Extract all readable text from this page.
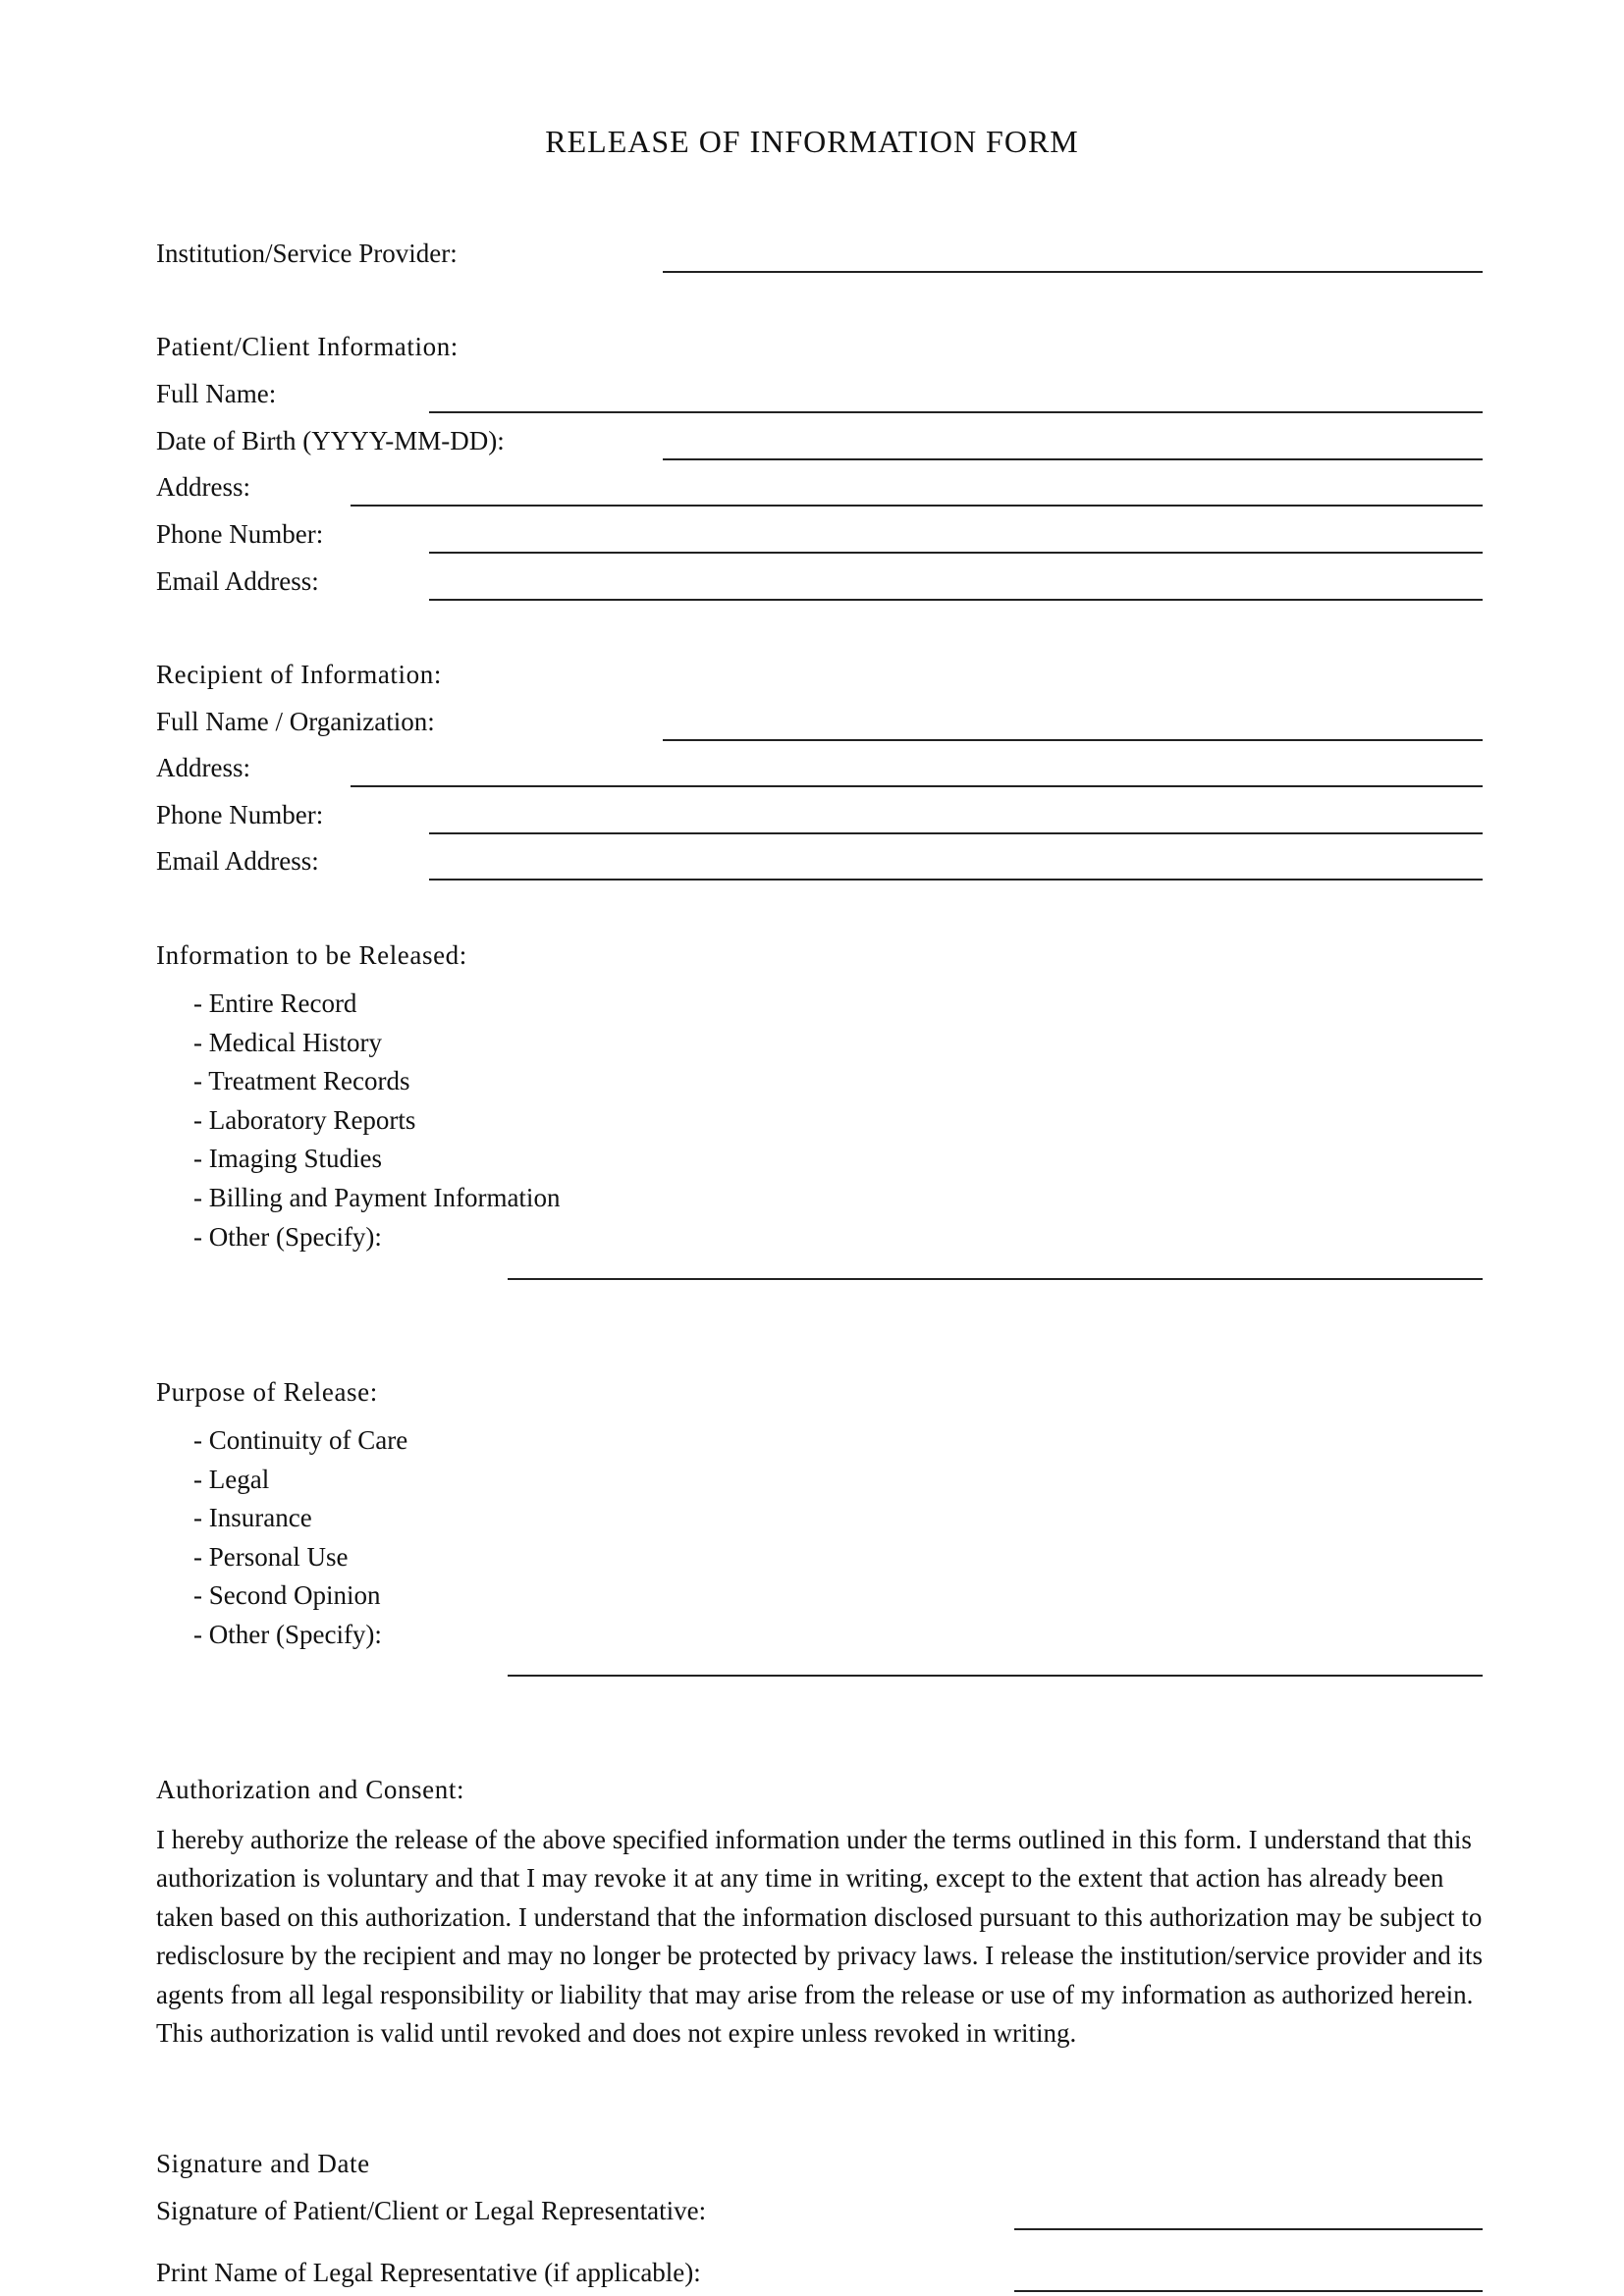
RELEASE OF INFORMATION FORM
Institution/Service Provider:
Patient/Client Information:
Full Name:
Date of Birth (YYYY-MM-DD):
Address:
Phone Number:
Email Address:
Recipient of Information:
Full Name / Organization:
Address:
Phone Number:
Email Address:
Information to be Released:
- Entire Record
- Medical History
- Treatment Records
- Laboratory Reports
- Imaging Studies
- Billing and Payment Information
- Other (Specify):
Purpose of Release:
- Continuity of Care
- Legal
- Insurance
- Personal Use
- Second Opinion
- Other (Specify):
Authorization and Consent:

I hereby authorize the release of the above specified information under the terms outlined in this form. I understand that this authorization is voluntary and that I may revoke it at any time in writing, except to the extent that action has already been taken based on this authorization. I understand that the information disclosed pursuant to this authorization may be subject to redisclosure by the recipient and may no longer be protected by privacy laws. I release the institution/service provider and its agents from all legal responsibility or liability that may arise from the release or use of my information as authorized herein. This authorization is valid until revoked and does not expire unless revoked in writing.

Signature and Date
Signature of Patient/Client or Legal Representative:
Print Name of Legal Representative (if applicable):
